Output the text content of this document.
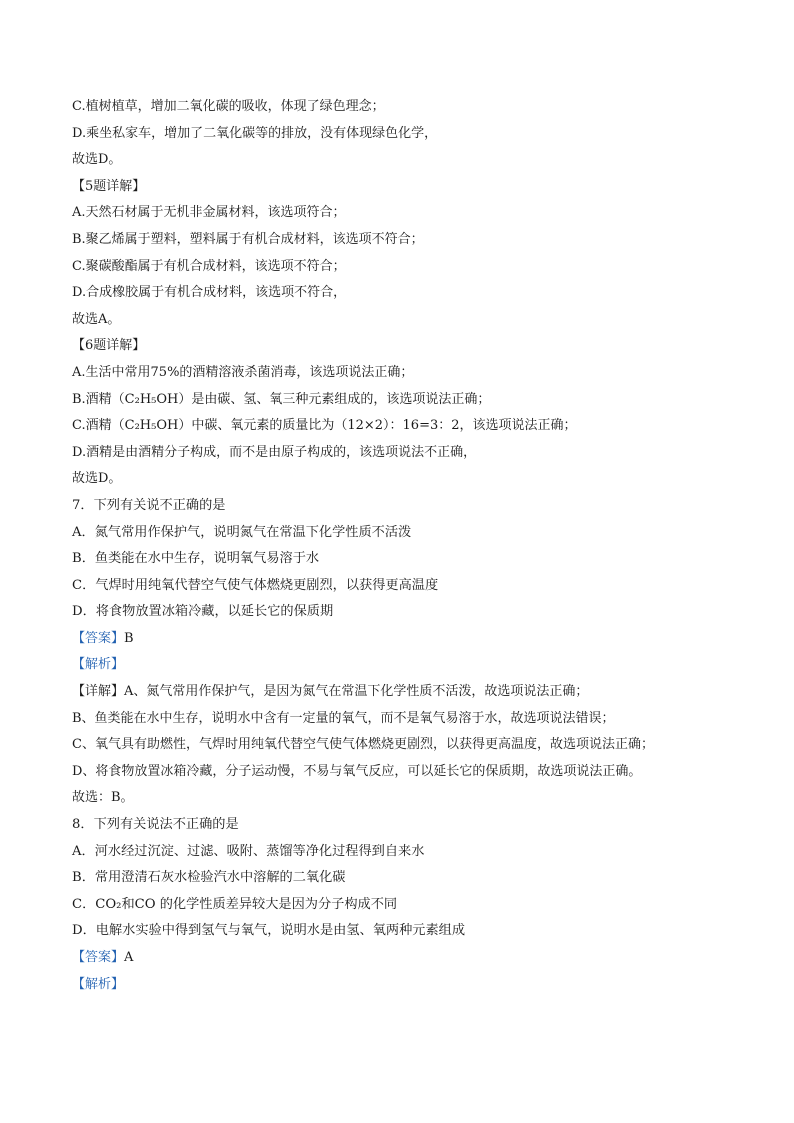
C.植树植草，增加二氧化碳的吸收，体现了绿色理念；
D.乘坐私家车，增加了二氧化碳等的排放，没有体现绿色化学，
故选D。
【5题详解】
A.天然石材属于无机非金属材料，该选项符合；
B.聚乙烯属于塑料，塑料属于有机合成材料，该选项不符合；
C.聚碳酸酯属于有机合成材料，该选项不符合；
D.合成橡胶属于有机合成材料，该选项不符合，
故选A。
【6题详解】
A.生活中常用75%的酒精溶液杀菌消毒，该选项说法正确；
B.酒精（C₂H₅OH）是由碳、氢、氧三种元素组成的，该选项说法正确；
C.酒精（C₂H₅OH）中碳、氧元素的质量比为（12×2）：16=3：2，该选项说法正确；
D.酒精是由酒精分子构成，而不是由原子构成的，该选项说法不正确，
故选D。
7．下列有关说不正确的是
A．氮气常用作保护气，说明氮气在常温下化学性质不活泼
B．鱼类能在水中生存，说明氧气易溶于水
C．气焊时用纯氧代替空气使气体燃烧更剧烈，以获得更高温度
D．将食物放置冰箱冷藏，以延长它的保质期
【答案】B
【解析】
【详解】A、氮气常用作保护气，是因为氮气在常温下化学性质不活泼，故选项说法正确；
B、鱼类能在水中生存，说明水中含有一定量的氧气，而不是氧气易溶于水，故选项说法错误；
C、氧气具有助燃性，气焊时用纯氧代替空气使气体燃烧更剧烈，以获得更高温度，故选项说法正确；
D、将食物放置冰箱冷藏，分子运动慢，不易与氧气反应，可以延长它的保质期，故选项说法正确。
故选：B。
8．下列有关说法不正确的是
A．河水经过沉淀、过滤、吸附、蒸馏等净化过程得到自来水
B．常用澄清石灰水检验汽水中溶解的二氧化碳
C．CO₂和CO 的化学性质差异较大是因为分子构成不同
D．电解水实验中得到氢气与氧气，说明水是由氢、氧两种元素组成
【答案】A
【解析】
